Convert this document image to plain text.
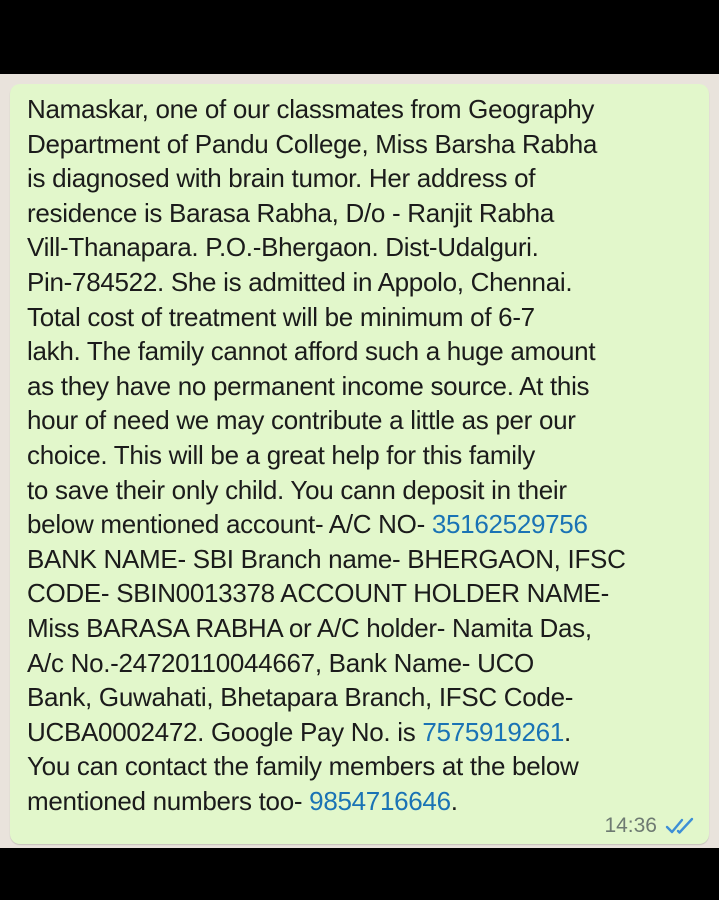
Namaskar, one of our classmates from Geography
Department of Pandu College, Miss Barsha Rabha
is diagnosed with brain tumor. Her address of
residence is Barasa Rabha, D/o - Ranjit Rabha
Vill-Thanapara. P.O.-Bhergaon. Dist-Udalguri.
Pin-784522. She is admitted in Appolo, Chennai.
Total cost of treatment will be minimum of 6-7
lakh. The family cannot afford such a huge amount
as they have no permanent income source. At this
hour of need we may contribute a little as per our
choice. This will be a great help for this family
to save their only child. You cann deposit in their
below mentioned account- A/C NO- 35162529756
BANK NAME- SBI Branch name- BHERGAON, IFSC
CODE- SBIN0013378 ACCOUNT HOLDER NAME-
Miss BARASA RABHA or A/C holder- Namita Das,
A/c No.-24720110044667, Bank Name- UCO
Bank, Guwahati, Bhetapara Branch, IFSC Code-
UCBA0002472. Google Pay No. is 7575919261.
You can contact the family members at the below
mentioned numbers too- 9854716646.

14:36
